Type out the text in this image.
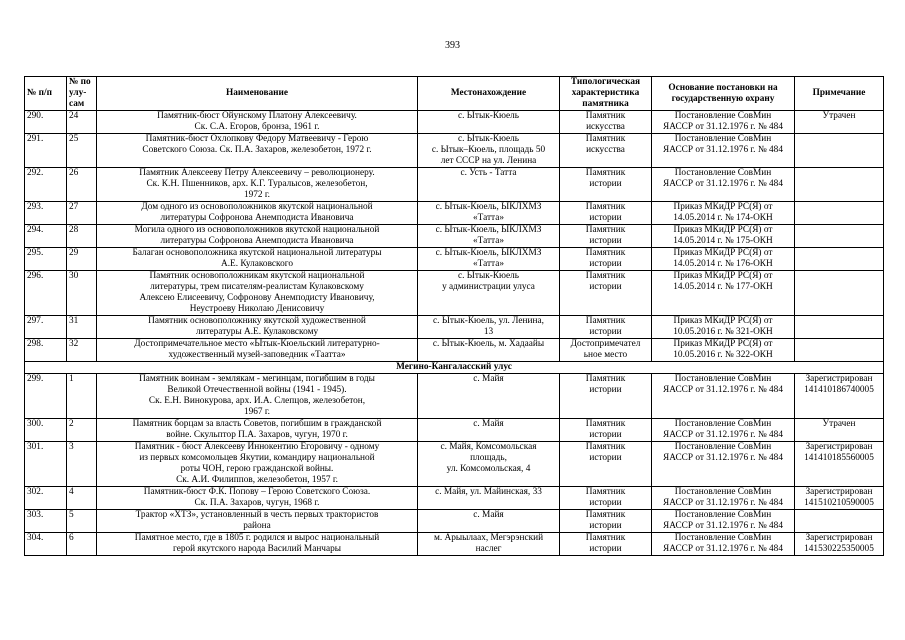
393
№ п/п	№ по
улу-
сам	Наименование	Местонахождение	Типологическая
характеристика
памятника	Основание постановки на
государственную охрану	Примечание

290.	24	Памятник-бюст Ойунскому Платону Алексеевичу.
Ск. С.А. Егоров, бронза, 1961 г.	с. Ытык-Кюель	Памятник
искусства	Постановление СовМин
ЯАССР от 31.12.1976 г. № 484	Утрачен

291.	25	Памятник-бюст Охлопкову Федору Матвеевичу - Герою
Советского Союза. Ск. П.А. Захаров, железобетон, 1972 г.	с. Ытык-Кюель
с. Ытык–Кюель, площадь 50
лет СССР на ул. Ленина	Памятник
искусства	Постановление СовМин
ЯАССР от 31.12.1976 г. № 484	

292.	26	Памятник Алексееву Петру Алексеевичу – революционеру.
Ск. К.Н. Пшенников, арх. К.Г. Туралысов, железобетон,
1972 г.	с. Усть - Татта	Памятник
истории	Постановление СовМин
ЯАССР от 31.12.1976 г. № 484	

293.	27	Дом одного из основоположников якутской национальной
литературы Софронова Анемподиста Ивановича	с. Ытык-Кюель, ЫКЛХМЗ
«Татта»	Памятник
истории	Приказ МКиДР РС(Я) от
14.05.2014 г. № 174-ОКН	

294.	28	Могила одного из основоположников якутской национальной
литературы Софронова Анемподиста Ивановича	с. Ытык-Кюель, ЫКЛХМЗ
«Татта»	Памятник
истории	Приказ МКиДР РС(Я) от
14.05.2014 г. № 175-ОКН	

295.	29	Балаган основоположника якутской национальной литературы
А.Е. Кулаковского	с. Ытык-Кюель, ЫКЛХМЗ
«Татта»	Памятник
истории	Приказ МКиДР РС(Я) от
14.05.2014 г. № 176-ОКН	

296.	30	Памятник основоположникам якутской национальной
литературы, трем писателям-реалистам Кулаковскому
Алексею Елисеевичу, Софронову Анемподисту Ивановичу,
Неустроеву Николаю Денисовичу	с. Ытык-Кюель
у администрации улуса	Памятник
истории	Приказ МКиДР РС(Я) от
14.05.2014 г. № 177-ОКН	

297.	31	Памятник основоположнику якутской художественной
литературы А.Е. Кулаковскому	с. Ытык-Кюель, ул. Ленина,
13	Памятник
истории	Приказ МКиДР РС(Я) от
10.05.2016 г. № 321-ОКН	

298.	32	Достопримечательное место «Ытык-Кюельский литературно-
художественный музей-заповедник «Таатта»	с. Ытык-Кюель, м. Хадаайы	Достопримечател
ьное место	Приказ МКиДР РС(Я) от
10.05.2016 г. № 322-ОКН	

Мегино-Кангаласский улус						
299.	1	Памятник воинам - землякам - мегинцам, погибшим в годы
Великой Отечественной войны (1941 - 1945).
Ск. Е.Н. Винокурова, арх. И.А. Слепцов, железобетон,
1967 г.	с. Майя	Памятник
истории	Постановление СовМин
ЯАССР от 31.12.1976 г. № 484	Зарегистрирован
141410186740005

300.	2	Памятник борцам за власть Советов, погибшим в гражданской
войне. Скульптор П.А. Захаров, чугун, 1970 г.	с. Майя	Памятник
истории	Постановление СовМин
ЯАССР от 31.12.1976 г. № 484	Утрачен

301.	3	Памятник - бюст Алексееву Иннокентию Егоровичу - одному
из первых комсомольцев Якутии, командиру национальной
роты ЧОН, герою гражданской войны.
Ск. А.И. Филиппов, железобетон, 1957 г.	с. Майя, Комсомольская
площадь,
ул. Комсомольская, 4	Памятник
истории	Постановление СовМин
ЯАССР от 31.12.1976 г. № 484	Зарегистрирован
141410185560005

302.	4	Памятник-бюст Ф.К. Попову – Герою Советского Союза.
Ск. П.А. Захаров, чугун, 1968 г.	с. Майя, ул. Майинская, 33	Памятник
истории	Постановление СовМин
ЯАССР от 31.12.1976 г. № 484	Зарегистрирован
141510210590005

303.	5	Трактор «ХТЗ», установленный в честь первых трактористов
района	с. Майя	Памятник
истории	Постановление СовМин
ЯАССР от 31.12.1976 г. № 484	

304.	6	Памятное место, где в 1805 г. родился и вырос национальный
герой якутского народа Василий Манчары	м. Арыылаах, Мегэрэнский
наслег	Памятник
истории	Постановление СовМин
ЯАССР от 31.12.1976 г. № 484	Зарегистрирован
141530225350005
